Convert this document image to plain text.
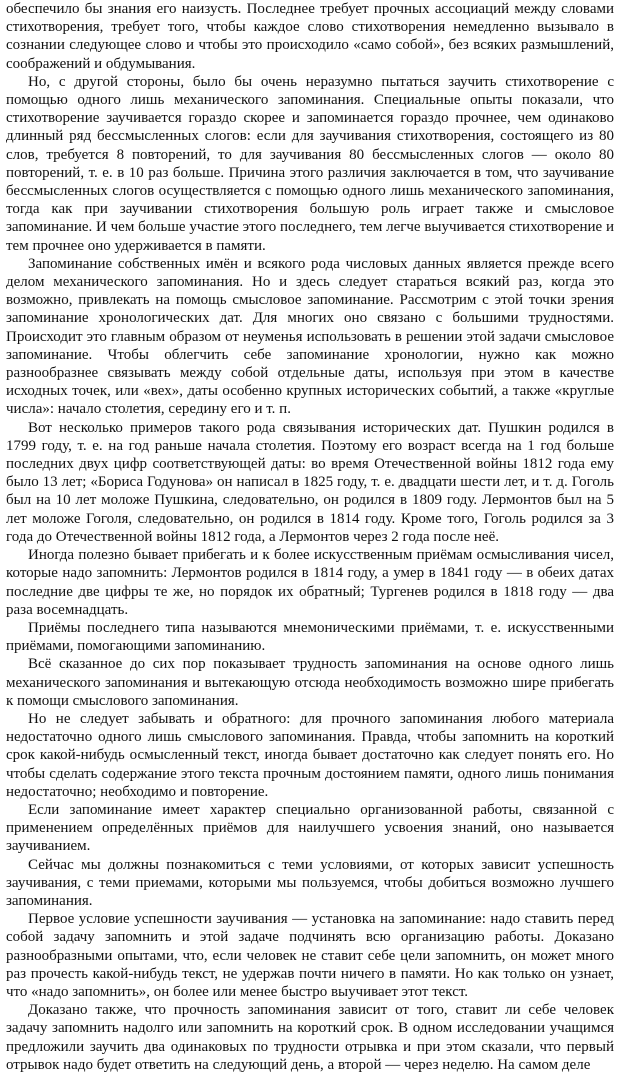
обеспечило бы знания его наизусть. Последнее требует прочных ассоциаций между словами стихотворения, требует того, чтобы каждое слово стихотворения немедленно вызывало в сознании следующее слово и чтобы это происходило «само собой», без всяких размышлений, соображений и обдумывания.

Но, с другой стороны, было бы очень неразумно пытаться заучить стихотворение с помощью одного лишь механического запоминания. Специальные опыты показали, что стихотворение заучивается гораздо скорее и запоминается гораздо прочнее, чем одинаково длинный ряд бессмысленных слогов: если для заучивания стихотворения, состоящего из 80 слов, требуется 8 повторений, то для заучивания 80 бессмысленных слогов — около 80 повторений, т. е. в 10 раз больше. Причина этого различия заключается в том, что заучивание бессмысленных слогов осуществляется с помощью одного лишь механического запоминания, тогда как при заучивании стихотворения большую роль играет также и смысловое запоминание. И чем больше участие этого последнего, тем легче выучивается стихотворение и тем прочнее оно удерживается в памяти.

Запоминание собственных имён и всякого рода числовых данных является прежде всего делом механического запоминания. Но и здесь следует стараться всякий раз, когда это возможно, привлекать на помощь смысловое запоминание. Рассмотрим с этой точки зрения запоминание хронологических дат. Для многих оно связано с большими трудностями. Происходит это главным образом от неуменья использовать в решении этой задачи смысловое запоминание. Чтобы облегчить себе запоминание хронологии, нужно как можно разнообразнее связывать между собой отдельные даты, используя при этом в качестве исходных точек, или «вех», даты особенно крупных исторических событий, а также «круглые числа»: начало столетия, середину его и т. п.

Вот несколько примеров такого рода связывания исторических дат. Пушкин родился в 1799 году, т. е. на год раньше начала столетия. Поэтому его возраст всегда на 1 год больше последних двух цифр соответствующей даты: во время Отечественной войны 1812 года ему было 13 лет; «Бориса Годунова» он написал в 1825 году, т. е. двадцати шести лет, и т. д. Гоголь был на 10 лет моложе Пушкина, следовательно, он родился в 1809 году. Лермонтов был на 5 лет моложе Гоголя, следовательно, он родился в 1814 году. Кроме того, Гоголь родился за 3 года до Отечественной войны 1812 года, а Лермонтов через 2 года после неё.

Иногда полезно бывает прибегать и к более искусственным приёмам осмысливания чисел, которые надо запомнить: Лермонтов родился в 1814 году, а умер в 1841 году — в обеих датах последние две цифры те же, но порядок их обратный; Тургенев родился в 1818 году — два раза восемнадцать.

Приёмы последнего типа называются мнемоническими приёмами, т. е. искусственными приёмами, помогающими запоминанию.

Всё сказанное до сих пор показывает трудность запоминания на основе одного лишь механического запоминания и вытекающую отсюда необходимость возможно шире прибегать к помощи смыслового запоминания.

Но не следует забывать и обратного: для прочного запоминания любого материала недостаточно одного лишь смыслового запоминания. Правда, чтобы запомнить на короткий срок какой-нибудь осмысленный текст, иногда бывает достаточно как следует понять его. Но чтобы сделать содержание этого текста прочным достоянием памяти, одного лишь понимания недостаточно; необходимо и повторение.

Если запоминание имеет характер специально организованной работы, связанной с применением определённых приёмов для наилучшего усвоения знаний, оно называется заучиванием.

Сейчас мы должны познакомиться с теми условиями, от которых зависит успешность заучивания, с теми приемами, которыми мы пользуемся, чтобы добиться возможно лучшего запоминания.

Первое условие успешности заучивания — установка на запоминание: надо ставить перед собой задачу запомнить и этой задаче подчинять всю организацию работы. Доказано разнообразными опытами, что, если человек не ставит себе цели запомнить, он может много раз прочесть какой-нибудь текст, не удержав почти ничего в памяти. Но как только он узнает, что «надо запомнить», он более или менее быстро выучивает этот текст.

Доказано также, что прочность запоминания зависит от того, ставит ли себе человек задачу запомнить надолго или запомнить на короткий срок. В одном исследовании учащимся предложили заучить два одинаковых по трудности отрывка и при этом сказали, что первый отрывок надо будет ответить на следующий день, а второй — через неделю. На самом деле
